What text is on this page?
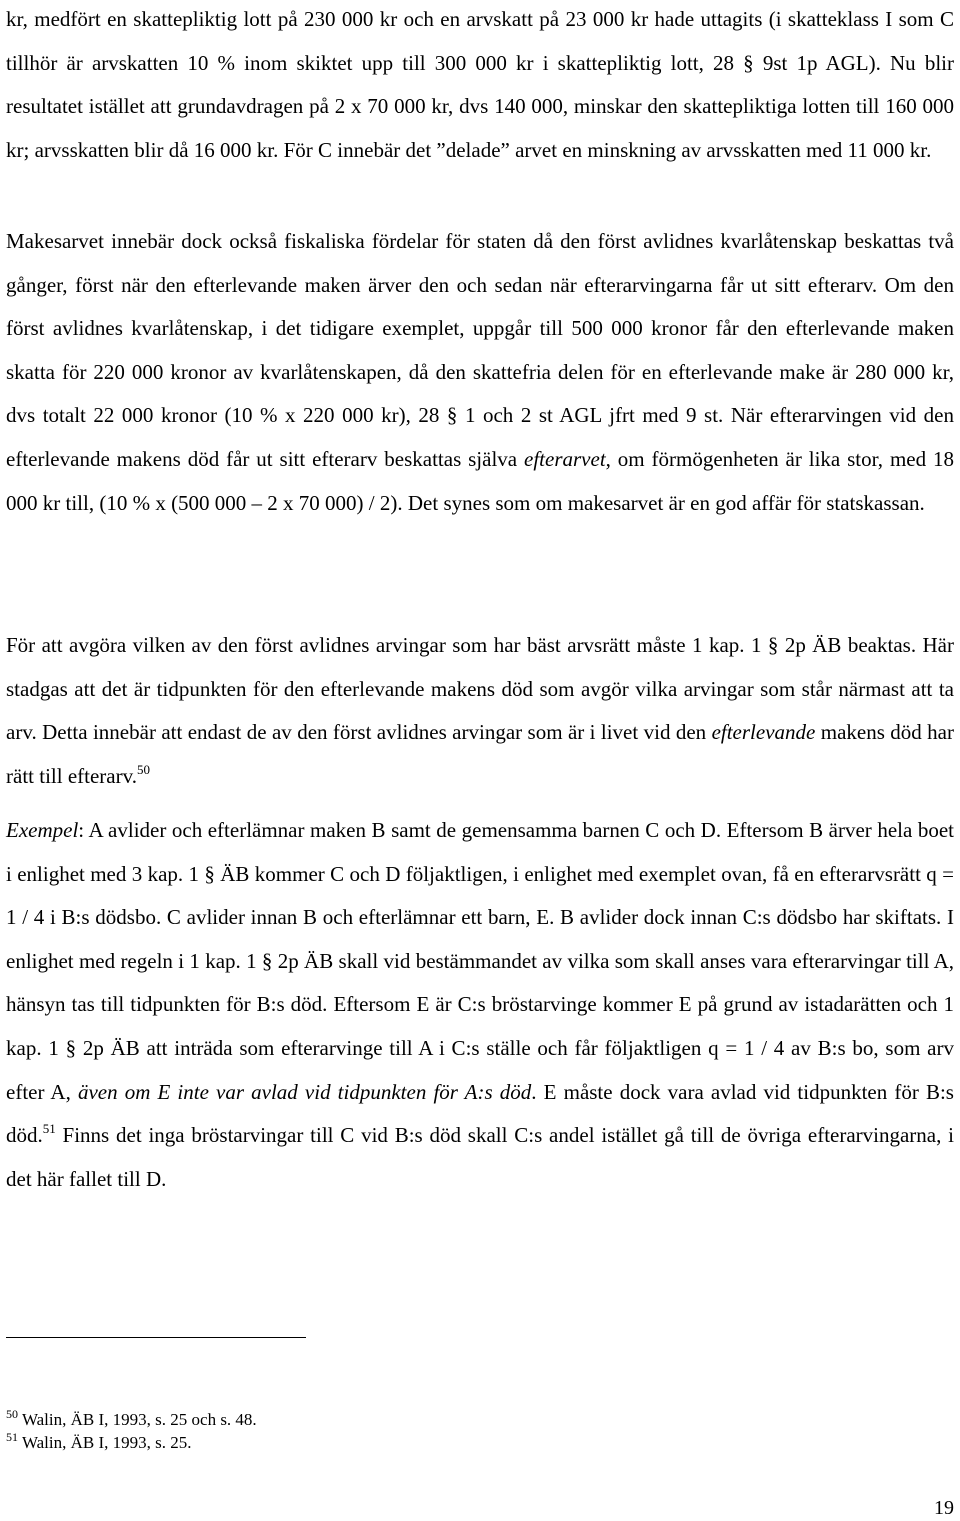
kr, medfört en skattepliktig lott på 230 000 kr och en arvskatt på 23 000 kr hade uttagits (i skatteklass I som C tillhör är arvskatten 10 % inom skiktet upp till 300 000 kr i skattepliktig lott, 28 § 9st 1p AGL). Nu blir resultatet istället att grundavdragen på 2 x 70 000 kr, dvs 140 000, minskar den skattepliktiga lotten till 160 000 kr; arvsskatten blir då 16 000 kr. För C innebär det ”delade” arvet en minskning av arvsskatten med 11 000 kr.

Makesarvet innebär dock också fiskaliska fördelar för staten då den först avlidnes kvarlåtenskap beskattas två gånger, först när den efterlevande maken ärver den och sedan när efterarvingarna får ut sitt efterarv. Om den först avlidnes kvarlåtenskap, i det tidigare exemplet, uppgår till 500 000 kronor får den efterlevande maken skatta för 220 000 kronor av kvarlåtenskapen, då den skattefria delen för en efterlevande make är 280 000 kr, dvs totalt 22 000 kronor (10 % x 220 000 kr), 28 § 1 och 2 st AGL jfrt med 9 st. När efterarvingen vid den efterlevande makens död får ut sitt efterarv beskattas själva efterarvet, om förmögenheten är lika stor, med 18 000 kr till, (10 % x (500 000 – 2 x 70 000) / 2). Det synes som om makesarvet är en god affär för statskassan.

För att avgöra vilken av den först avlidnes arvingar som har bäst arvsrätt måste 1 kap. 1 § 2p ÄB beaktas. Här stadgas att det är tidpunkten för den efterlevande makens död som avgör vilka arvingar som står närmast att ta arv. Detta innebär att endast de av den först avlidnes arvingar som är i livet vid den efterlevande makens död har rätt till efterarv.$^{50}$

Exempel: A avlider och efterlämnar maken B samt de gemensamma barnen C och D. Eftersom B ärver hela boet i enlighet med 3 kap. 1 § ÄB kommer C och D följaktligen, i enlighet med exemplet ovan, få en efterarvsrätt q = 1 / 4 i B:s dödsbo. C avlider innan B och efterlämnar ett barn, E. B avlider dock innan C:s dödsbo har skiftats. I enlighet med regeln i 1 kap. 1 § 2p ÄB skall vid bestämmandet av vilka som skall anses vara efterarvingar till A, hänsyn tas till tidpunkten för B:s död. Eftersom E är C:s bröstarvinge kommer E på grund av istadarätten och 1 kap. 1 § 2p ÄB att inträda som efterarvinge till A i C:s ställe och får följaktligen q = 1 / 4 av B:s bo, som arv efter A, även om E inte var avlad vid tidpunkten för A:s död. E måste dock vara avlad vid tidpunkten för B:s död.$^{51}$ Finns det inga bröstarvingar till C vid B:s död skall C:s andel istället gå till de övriga efterarvingarna, i det här fallet till D.

$^{50}$ Walin, ÄB I, 1993, s. 25 och s. 48.

$^{51}$ Walin, ÄB I, 1993, s. 25.

19
